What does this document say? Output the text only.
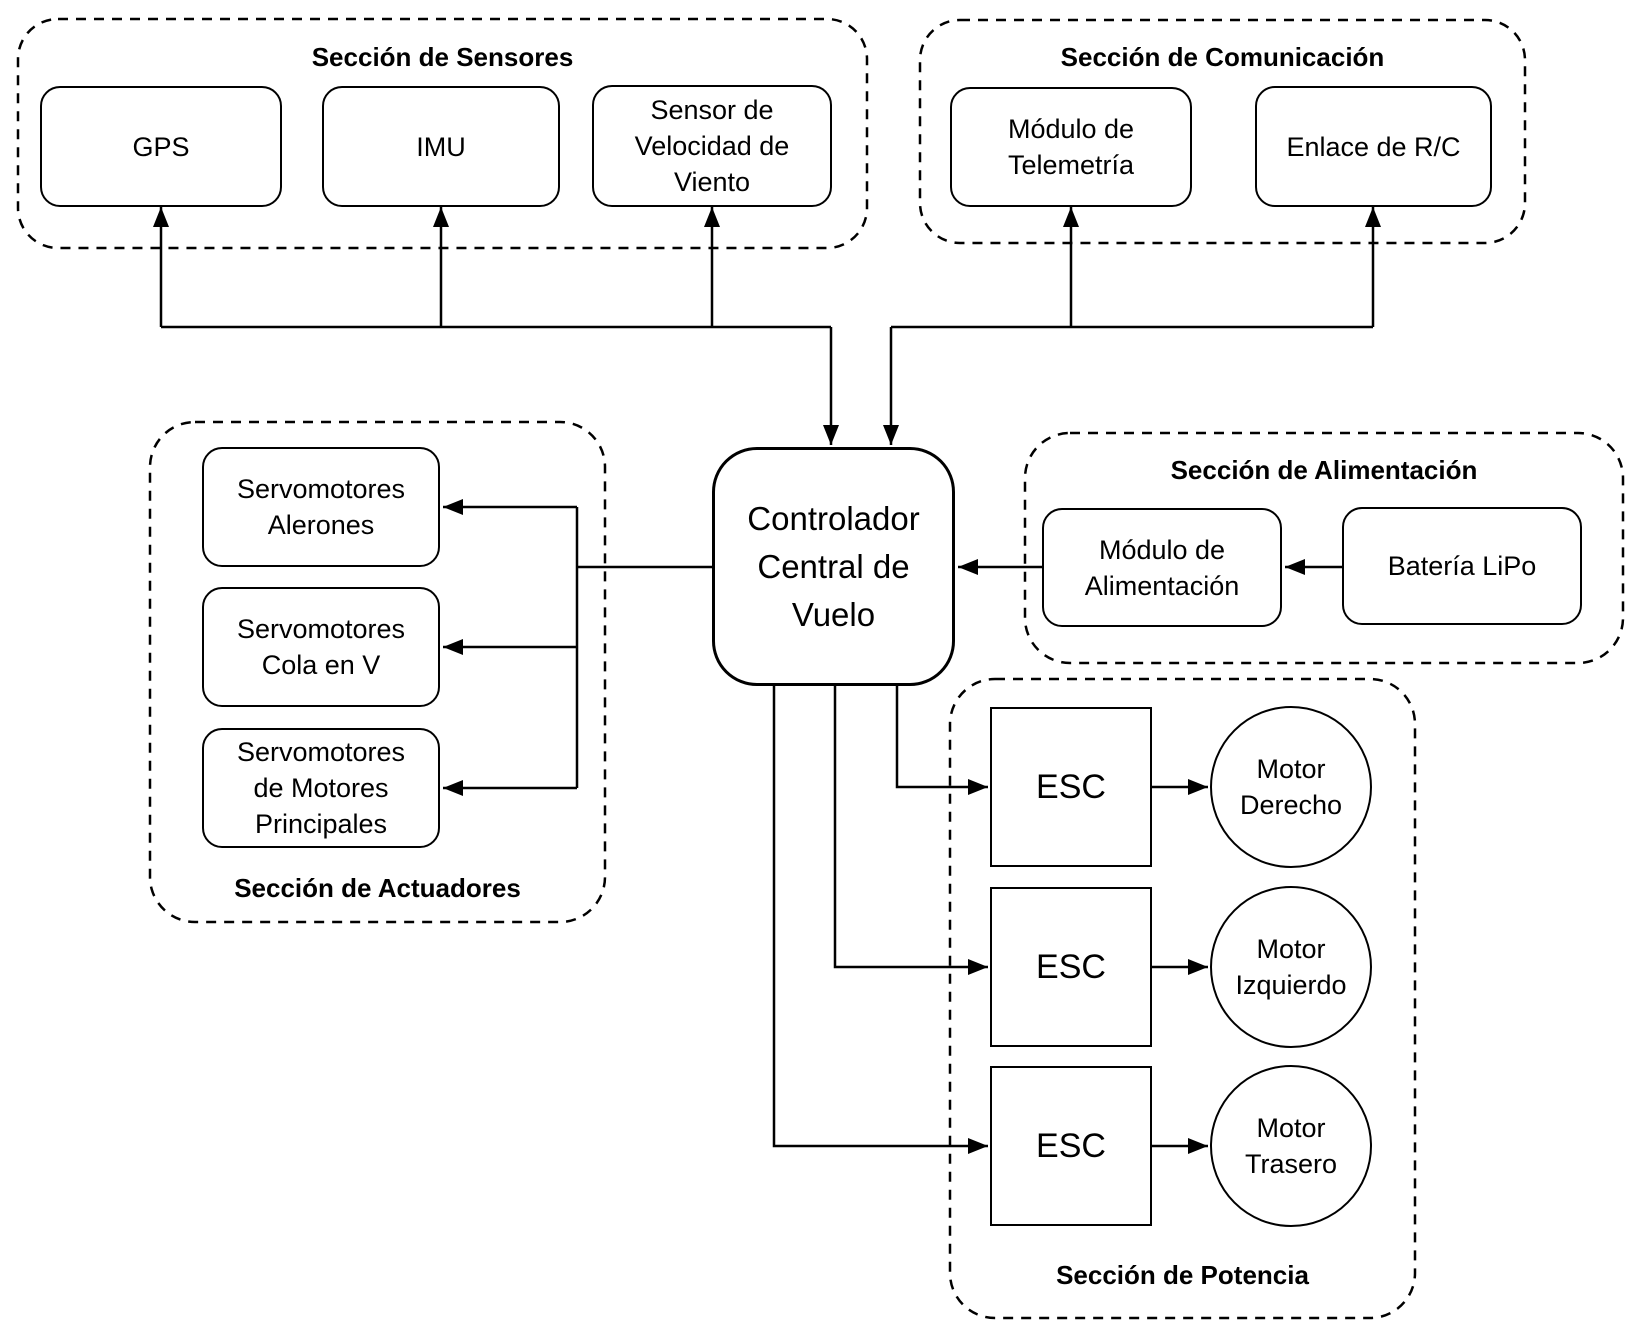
Sección de Sensores	Sección de Comunicación
Sección de Actuadores
Sección de Alimentación
Sección de Potencia
GPS	IMU
Sensor de Velocidad de Viento
Módulo de Telemetría
Enlace de R/C
Controlador Central de Vuelo
Servomotores Alerones
Servomotores Cola en V
Servomotores de Motores Principales
Módulo de Alimentación
Batería LiPo
ESC
ESC
ESC
Motor Derecho
Motor Izquierdo
Motor Trasero
